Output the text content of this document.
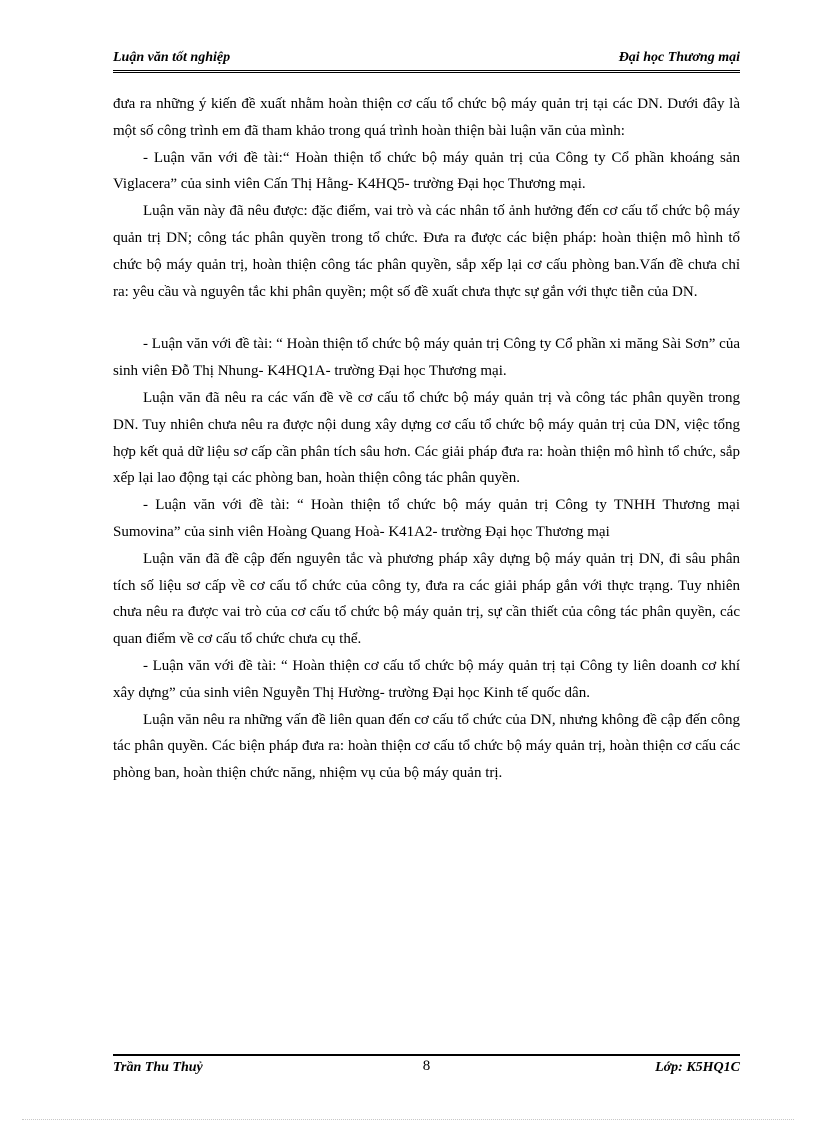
Luận văn tốt nghiệp	Đại học Thương mại

đưa ra những ý kiến đề xuất nhằm hoàn thiện cơ cấu tổ chức bộ máy quản trị tại các DN. Dưới đây là một số công trình em đã tham khảo trong quá trình hoàn thiện bài luận văn của mình:

- Luận văn với đề tài:“ Hoàn thiện tổ chức bộ máy quản trị của Công ty Cổ phần khoáng sản Viglacera” của sinh viên Cấn Thị Hằng- K4HQ5- trường Đại học Thương mại.

Luận văn này đã nêu được: đặc điểm, vai trò và các nhân tố ảnh hưởng đến cơ cấu tổ chức bộ máy quản trị DN; công tác phân quyền trong tổ chức. Đưa ra được các biện pháp: hoàn thiện mô hình tổ chức bộ máy quản trị, hoàn thiện công tác phân quyền, sắp xếp lại cơ cấu phòng ban.Vấn đề chưa chỉ ra: yêu cầu và nguyên tắc khi phân quyền; một số đề xuất chưa thực sự gắn với thực tiễn của DN.

- Luận văn với đề tài: “ Hoàn thiện tổ chức bộ máy quản trị Công ty Cổ phần xi măng Sài Sơn” của sinh viên Đỗ Thị Nhung- K4HQ1A- trường Đại học Thương mại.

Luận văn đã nêu ra các vấn đề về cơ cấu tổ chức bộ máy quản trị và công tác phân quyền trong DN. Tuy nhiên chưa nêu ra được nội dung xây dựng cơ cấu tổ chức bộ máy quản trị của DN, việc tổng hợp kết quả dữ liệu sơ cấp cần phân tích sâu hơn. Các giải pháp đưa ra: hoàn thiện mô hình tổ chức, sắp xếp lại lao động tại các phòng ban, hoàn thiện công tác phân quyền.

- Luận văn với đề tài: “ Hoàn thiện tổ chức bộ máy quản trị Công ty TNHH Thương mại Sumovina” của sinh viên Hoàng Quang Hoà- K41A2- trường Đại học Thương mại

Luận văn đã đề cập đến nguyên tắc và phương pháp xây dựng bộ máy quản trị DN, đi sâu phân tích số liệu sơ cấp về cơ cấu tổ chức của công ty, đưa ra các giải pháp gắn với thực trạng. Tuy nhiên chưa nêu ra được vai trò của cơ cấu tổ chức bộ máy quản trị, sự cần thiết của công tác phân quyền, các quan điểm về cơ cấu tổ chức chưa cụ thể.

- Luận văn với đề tài: “ Hoàn thiện cơ cấu tổ chức bộ máy quản trị tại Công ty liên doanh cơ khí xây dựng” của sinh viên Nguyễn Thị Hường- trường Đại học Kinh tế quốc dân.

Luận văn nêu ra những vấn đề liên quan đến cơ cấu tổ chức của DN, nhưng không đề cập đến công tác phân quyền. Các biện pháp đưa ra: hoàn thiện cơ cấu tổ chức bộ máy quản trị, hoàn thiện cơ cấu các phòng ban, hoàn thiện chức năng, nhiệm vụ của bộ máy quản trị.

Trần Thu Thuỷ	8	Lớp: K5HQ1C
